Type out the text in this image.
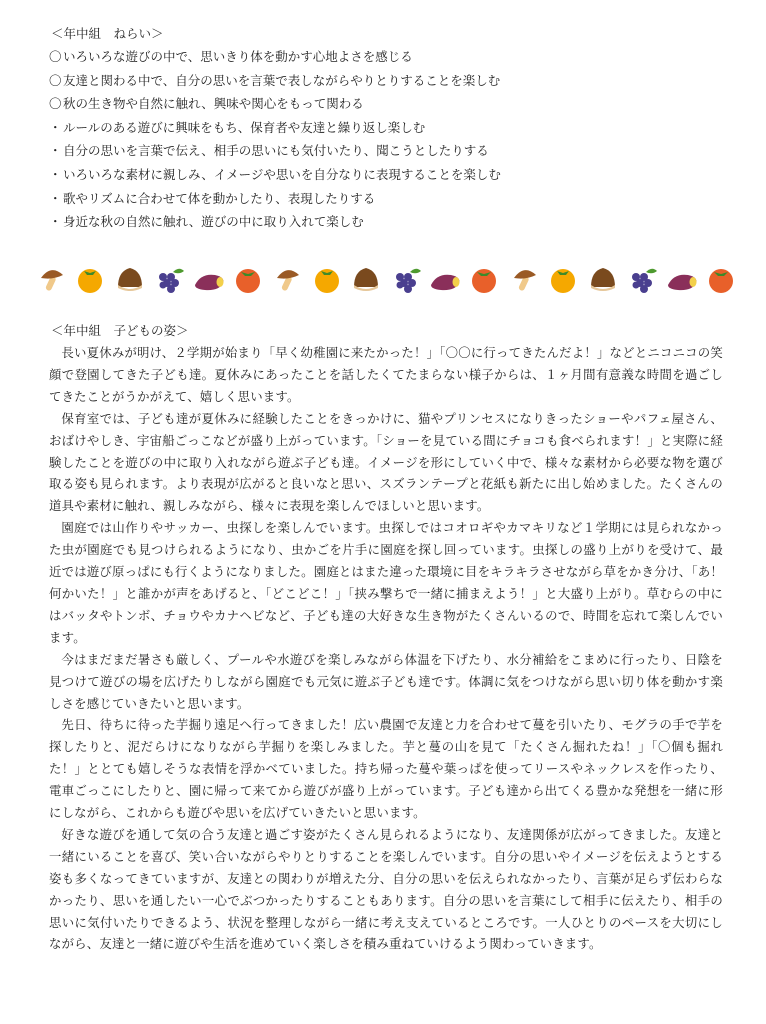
＜年中組　ねらい＞
〇 いろいろな遊びの中で、思いきり体を動かす心地よさを感じる
〇 友達と関わる中で、自分の思いを言葉で表しながらやりとりすることを楽しむ
〇 秋の生き物や自然に触れ、興味や関心をもって関わる
・ ルールのある遊びに興味をもち、保育者や友達と繰り返し楽しむ
・ 自分の思いを言葉で伝え、相手の思いにも気付いたり、聞こうとしたりする
・ いろいろな素材に親しみ、イメージや思いを自分なりに表現することを楽しむ
・ 歌やリズムに合わせて体を動かしたり、表現したりする
・ 身近な秋の自然に触れ、遊びの中に取り入れて楽しむ
＜年中組　子どもの姿＞

長い夏休みが明け、２学期が始まり「早く幼稚園に来たかった！」「〇〇に行ってきたんだよ！」などとニコニコの笑顔で登園してきた子ども達。夏休みにあったことを話したくてたまらない様子からは、１ヶ月間有意義な時間を過ごしてきたことがうかがえて、嬉しく思います。

保育室では、子ども達が夏休みに経験したことをきっかけに、猫やプリンセスになりきったショーやパフェ屋さん、おばけやしき、宇宙船ごっこなどが盛り上がっています。「ショーを見ている間にチョコも食べられます！」と実際に経験したことを遊びの中に取り入れながら遊ぶ子ども達。イメージを形にしていく中で、様々な素材から必要な物を選び取る姿も見られます。より表現が広がると良いなと思い、スズランテープと花紙も新たに出し始めました。たくさんの道具や素材に触れ、親しみながら、様々に表現を楽しんでほしいと思います。

園庭では山作りやサッカー、虫探しを楽しんでいます。虫探しではコオロギやカマキリなど１学期には見られなかった虫が園庭でも見つけられるようになり、虫かごを片手に園庭を探し回っています。虫探しの盛り上がりを受けて、最近では遊び原っぱにも行くようになりました。園庭とはまた違った環境に目をキラキラさせながら草をかき分け、「あ！何かいた！」と誰かが声をあげると、「どこどこ！」「挟み撃ちで一緒に捕まえよう！」と大盛り上がり。草むらの中にはバッタやトンボ、チョウやカナヘビなど、子ども達の大好きな生き物がたくさんいるので、時間を忘れて楽しんでいます。

今はまだまだ暑さも厳しく、プールや水遊びを楽しみながら体温を下げたり、水分補給をこまめに行ったり、日陰を見つけて遊びの場を広げたりしながら園庭でも元気に遊ぶ子ども達です。体調に気をつけながら思い切り体を動かす楽しさを感じていきたいと思います。

先日、待ちに待った芋掘り遠足へ行ってきました！広い農園で友達と力を合わせて蔓を引いたり、モグラの手で芋を探したりと、泥だらけになりながら芋掘りを楽しみました。芋と蔓の山を見て「たくさん掘れたね！」「〇個も掘れた！」ととても嬉しそうな表情を浮かべていました。持ち帰った蔓や葉っぱを使ってリースやネックレスを作ったり、電車ごっこにしたりと、園に帰って来てから遊びが盛り上がっています。子ども達から出てくる豊かな発想を一緒に形にしながら、これからも遊びや思いを広げていきたいと思います。

好きな遊びを通して気の合う友達と過ごす姿がたくさん見られるようになり、友達関係が広がってきました。友達と一緒にいることを喜び、笑い合いながらやりとりすることを楽しんでいます。自分の思いやイメージを伝えようとする姿も多くなってきていますが、友達との関わりが増えた分、自分の思いを伝えられなかったり、言葉が足らず伝わらなかったり、思いを通したい一心でぶつかったりすることもあります。自分の思いを言葉にして相手に伝えたり、相手の思いに気付いたりできるよう、状況を整理しながら一緒に考え支えているところです。一人ひとりのペースを大切にしながら、友達と一緒に遊びや生活を進めていく楽しさを積み重ねていけるよう関わっていきます。
